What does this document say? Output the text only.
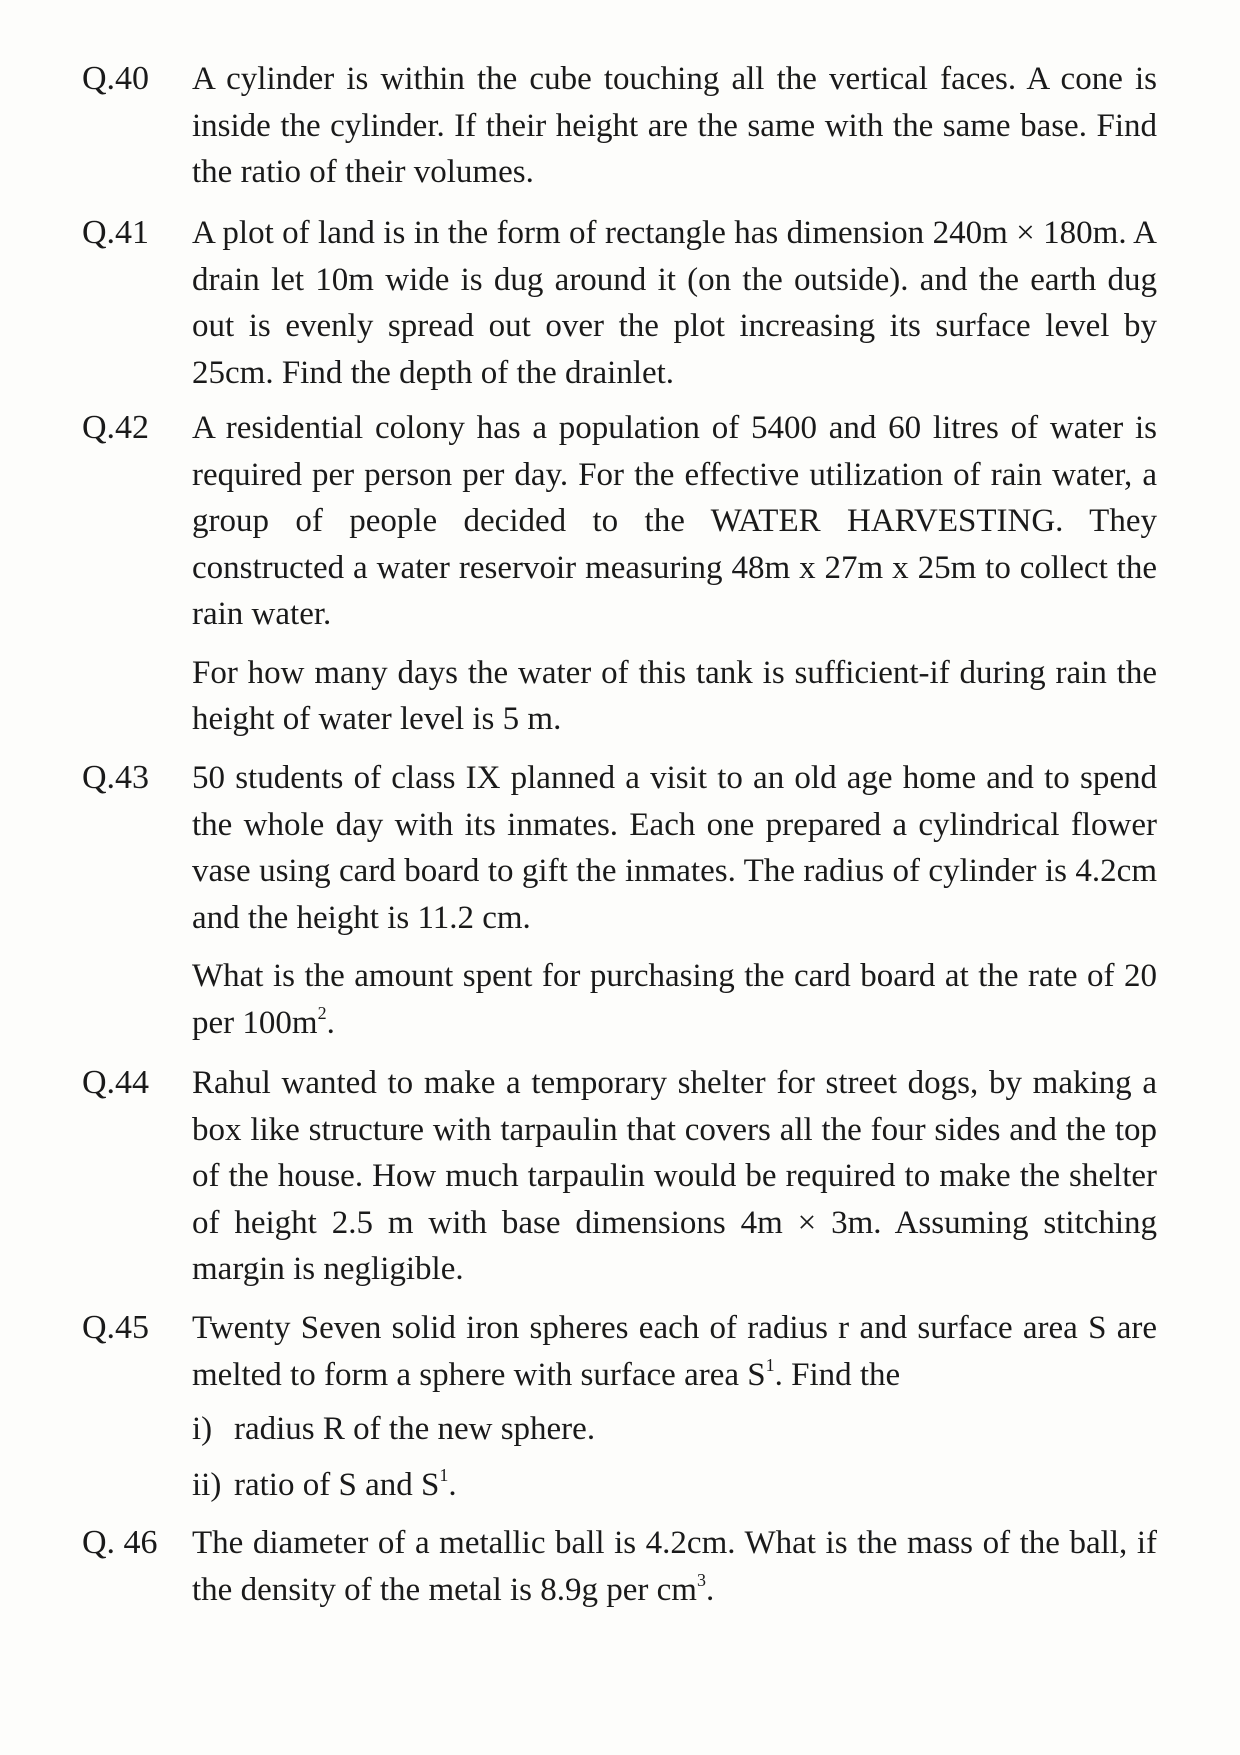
Q.40 A cylinder is within the cube touching all the vertical faces. A cone is inside the cylinder. If their height are the same with the same base. Find the ratio of their volumes.

Q.41 A plot of land is in the form of rectangle has dimension 240m × 180m. A drain let 10m wide is dug around it (on the outside). and the earth dug out is evenly spread out over the plot increasing its surface level by 25cm. Find the depth of the drainlet.

Q.42 A residential colony has a population of 5400 and 60 litres of water is required per person per day. For the effective utilization of rain water, a group of people decided to the WATER HARVESTING. They constructed a water reservoir measuring 48m x 27m x 25m to collect the rain water.

For how many days the water of this tank is sufficient-if during rain the height of water level is 5 m.

Q.43 50 students of class IX planned a visit to an old age home and to spend the whole day with its inmates. Each one prepared a cylindrical flower vase using card board to gift the inmates. The radius of cylinder is 4.2cm and the height is 11.2 cm.

What is the amount spent for purchasing the card board at the rate of 20 per $100m^2$.

Q.44 Rahul wanted to make a temporary shelter for street dogs, by making a box like structure with tarpaulin that covers all the four sides and the top of the house. How much tarpaulin would be required to make the shelter of height 2.5 m with base dimensions 4m × 3m. Assuming stitching margin is negligible.

Q.45 Twenty Seven solid iron spheres each of radius r and surface area S are melted to form a sphere with surface area $S^1$. Find the

i) radius R of the new sphere.

ii) ratio of S and $S^1$.

Q. 46 The diameter of a metallic ball is 4.2cm. What is the mass of the ball, if the density of the metal is 8.9g per $cm^3$.
